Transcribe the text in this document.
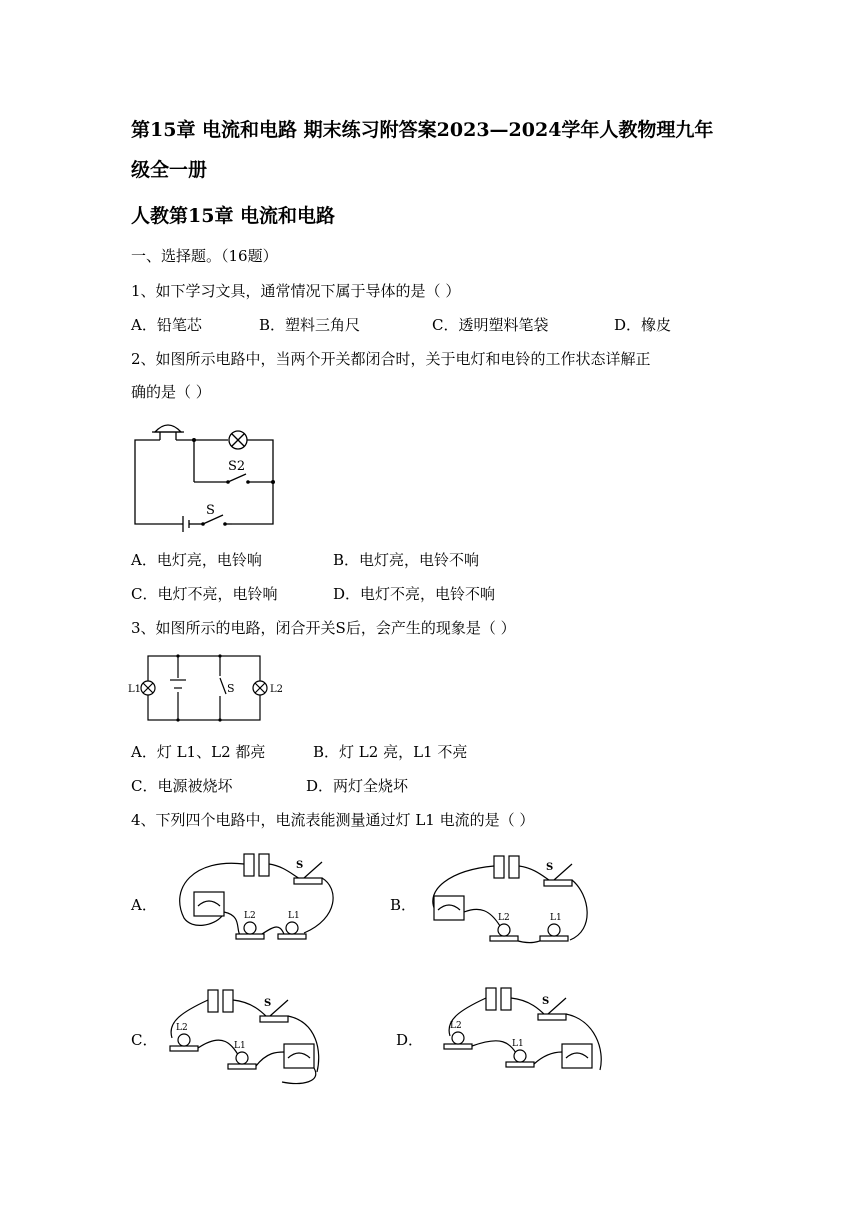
第15章 电流和电路 期末练习附答案2023—2024学年人教物理九年
级全一册
人教第15章 电流和电路
一、选择题。（16题）
1、如下学习文具，通常情况下属于导体的是（ ）
A．铅笔芯	B．塑料三角尺	C．透明塑料笔袋	D．橡皮
2、如图所示电路中，当两个开关都闭合时，关于电灯和电铃的工作状态详解正
确的是（ ）
S2
S
A．电灯亮，电铃响	B．电灯亮，电铃不响
C．电灯不亮，电铃响	D．电灯不亮，电铃不响
3、如图所示的电路，闭合开关S后，会产生的现象是（ ）
L1	S	L2
A．灯 L1、L2 都亮	B．灯 L2 亮，L1 不亮
C．电源被烧坏	D．两灯全烧坏
4、下列四个电路中，电流表能测量通过灯 L1 电流的是（ ）
A．	B．
C．	D．
S
L2	L1
S
L2	L1
S
L2
L1
S
L2
L1
